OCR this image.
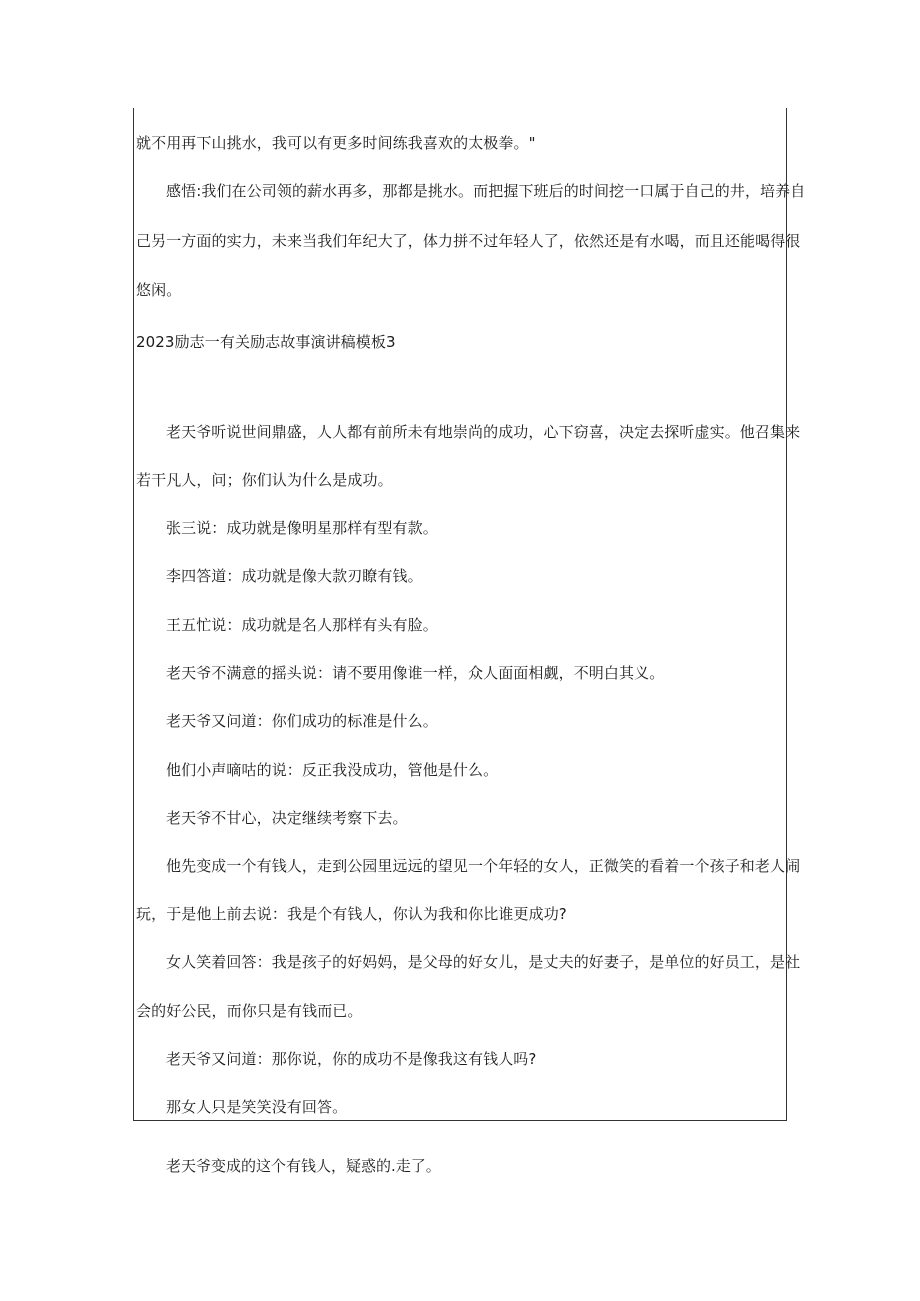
就不用再下山挑水，我可以有更多时间练我喜欢的太极拳。"
感悟:我们在公司领的薪水再多，那都是挑水。而把握下班后的时间挖一口属于自己的井，培养自
己另一方面的实力，未来当我们年纪大了，体力拼不过年轻人了，依然还是有水喝，而且还能喝得很
悠闲。
2023励志一有关励志故事演讲稿模板3
老天爷听说世间鼎盛，人人都有前所未有地崇尚的成功，心下窃喜，决定去探听虚实。他召集来
若干凡人，问；你们认为什么是成功。
张三说：成功就是像明星那样有型有款。
李四答道：成功就是像大款刃瞭有钱。
王五忙说：成功就是名人那样有头有脸。
老天爷不满意的摇头说：请不要用像谁一样，众人面面相觑，不明白其义。
老天爷又问道：你们成功的标准是什么。
他们小声嘀咕的说：反正我没成功，管他是什么。
老天爷不甘心，决定继续考察下去。
他先变成一个有钱人，走到公园里远远的望见一个年轻的女人，正微笑的看着一个孩子和老人闹
玩，于是他上前去说：我是个有钱人，你认为我和你比谁更成功?
女人笑着回答：我是孩子的好妈妈，是父母的好女儿，是丈夫的好妻子，是单位的好员工，是社
会的好公民，而你只是有钱而已。
老天爷又问道：那你说，你的成功不是像我这有钱人吗?
那女人只是笑笑没有回答。
老天爷变成的这个有钱人，疑惑的.走了。
